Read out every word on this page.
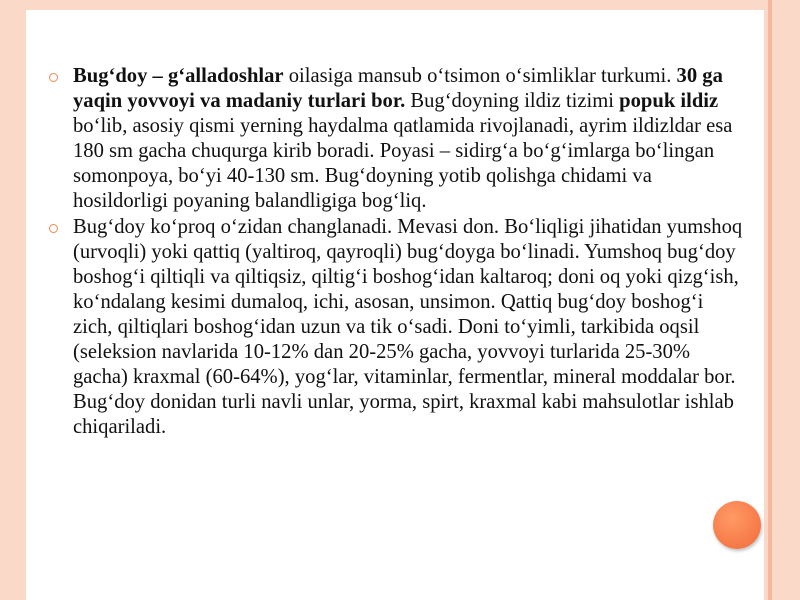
Bug‘doy – g‘alladoshlar oilasiga mansub o‘tsimon o‘simliklar turkumi. 30 ga yaqin yovvoyi va madaniy turlari bor. Bug‘doyning ildiz tizimi popuk ildiz bo‘lib, asosiy qismi yerning haydalma qatlamida rivojlanadi, ayrim ildizldar esa 180 sm gacha chuqurga kirib boradi. Poyasi – sidirg‘a bo‘g‘imlarga bo‘lingan somonpoya, bo‘yi 40-130 sm. Bug‘doyning yotib qolishga chidami va hosildorligi poyaning balandligiga bog‘liq.

Bug‘doy ko‘proq o‘zidan changlanadi. Mevasi don. Bo‘liqligi jihatidan yumshoq (urvoqli) yoki qattiq (yaltiroq, qayroqli) bug‘doyga bo‘linadi. Yumshoq bug‘doy boshog‘i qiltiqli va qiltiqsiz, qiltig‘i boshog‘idan kaltaroq; doni oq yoki qizg‘ish, ko‘ndalang kesimi dumaloq, ichi, asosan, unsimon. Qattiq bug‘doy boshog‘i zich, qiltiqlari boshog‘idan uzun va tik o‘sadi. Doni to‘yimli, tarkibida oqsil (seleksion navlarida 10-12% dan 20-25% gacha, yovvoyi turlarida 25-30% gacha) kraxmal (60-64%), yog‘lar, vitaminlar, fermentlar, mineral moddalar bor. Bug‘doy donidan turli navli unlar, yorma, spirt, kraxmal kabi mahsulotlar ishlab chiqariladi.
